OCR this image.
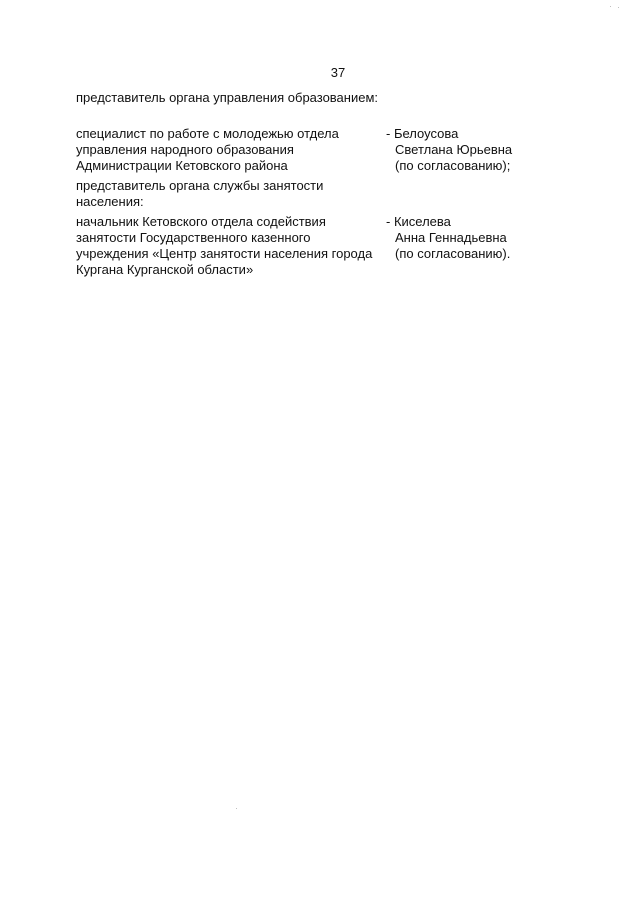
37
представитель органа управления образованием:
специалист по работе с молодежью отдела
управления народного образования
Администрации Кетовского района
- Белоусова
Светлана Юрьевна
(по согласованию);
представитель органа службы занятости
населения:
начальник Кетовского отдела содействия
занятости Государственного казенного
учреждения «Центр занятости населения города
Кургана Курганской области»
- Киселева
Анна Геннадьевна
(по согласованию).
